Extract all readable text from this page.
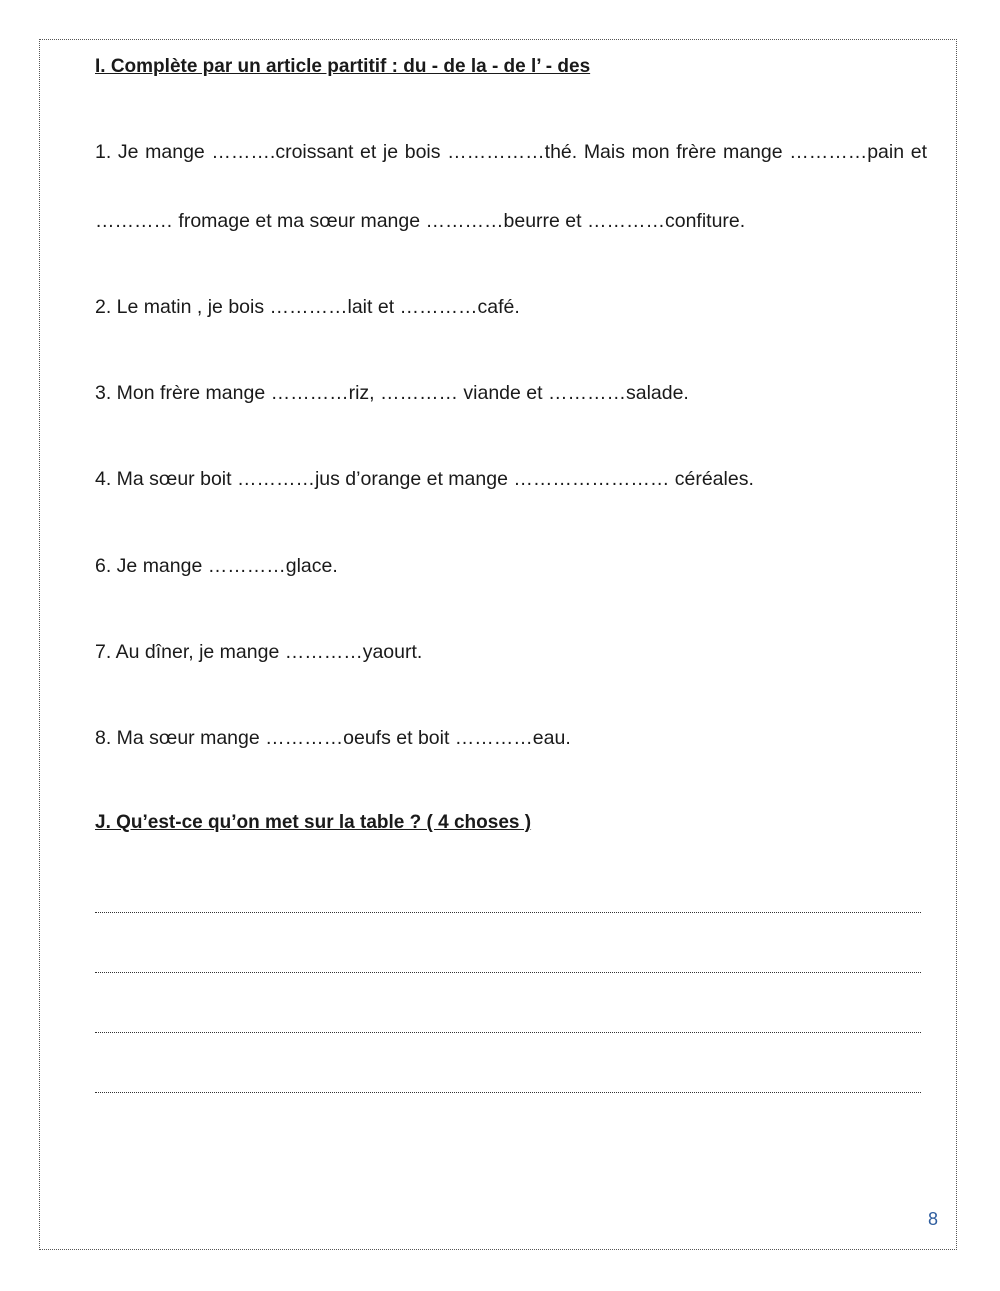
I. Complète par un article partitif : du - de la - de l’ - des

1. Je mange ……….croissant et je bois ……………thé. Mais mon frère mange …………pain et

………… fromage et ma sœur mange …………beurre et …………confiture.

2. Le matin , je bois …………lait et …………café.

3. Mon frère mange …………riz, ………… viande et …………salade.

4. Ma sœur boit …………jus d’orange et mange …………………… céréales.

6. Je mange …………glace.

7. Au dîner, je mange …………yaourt.

8. Ma sœur mange …………oeufs et boit …………eau.

J. Qu’est-ce qu’on met sur la table ? ( 4 choses )

8
